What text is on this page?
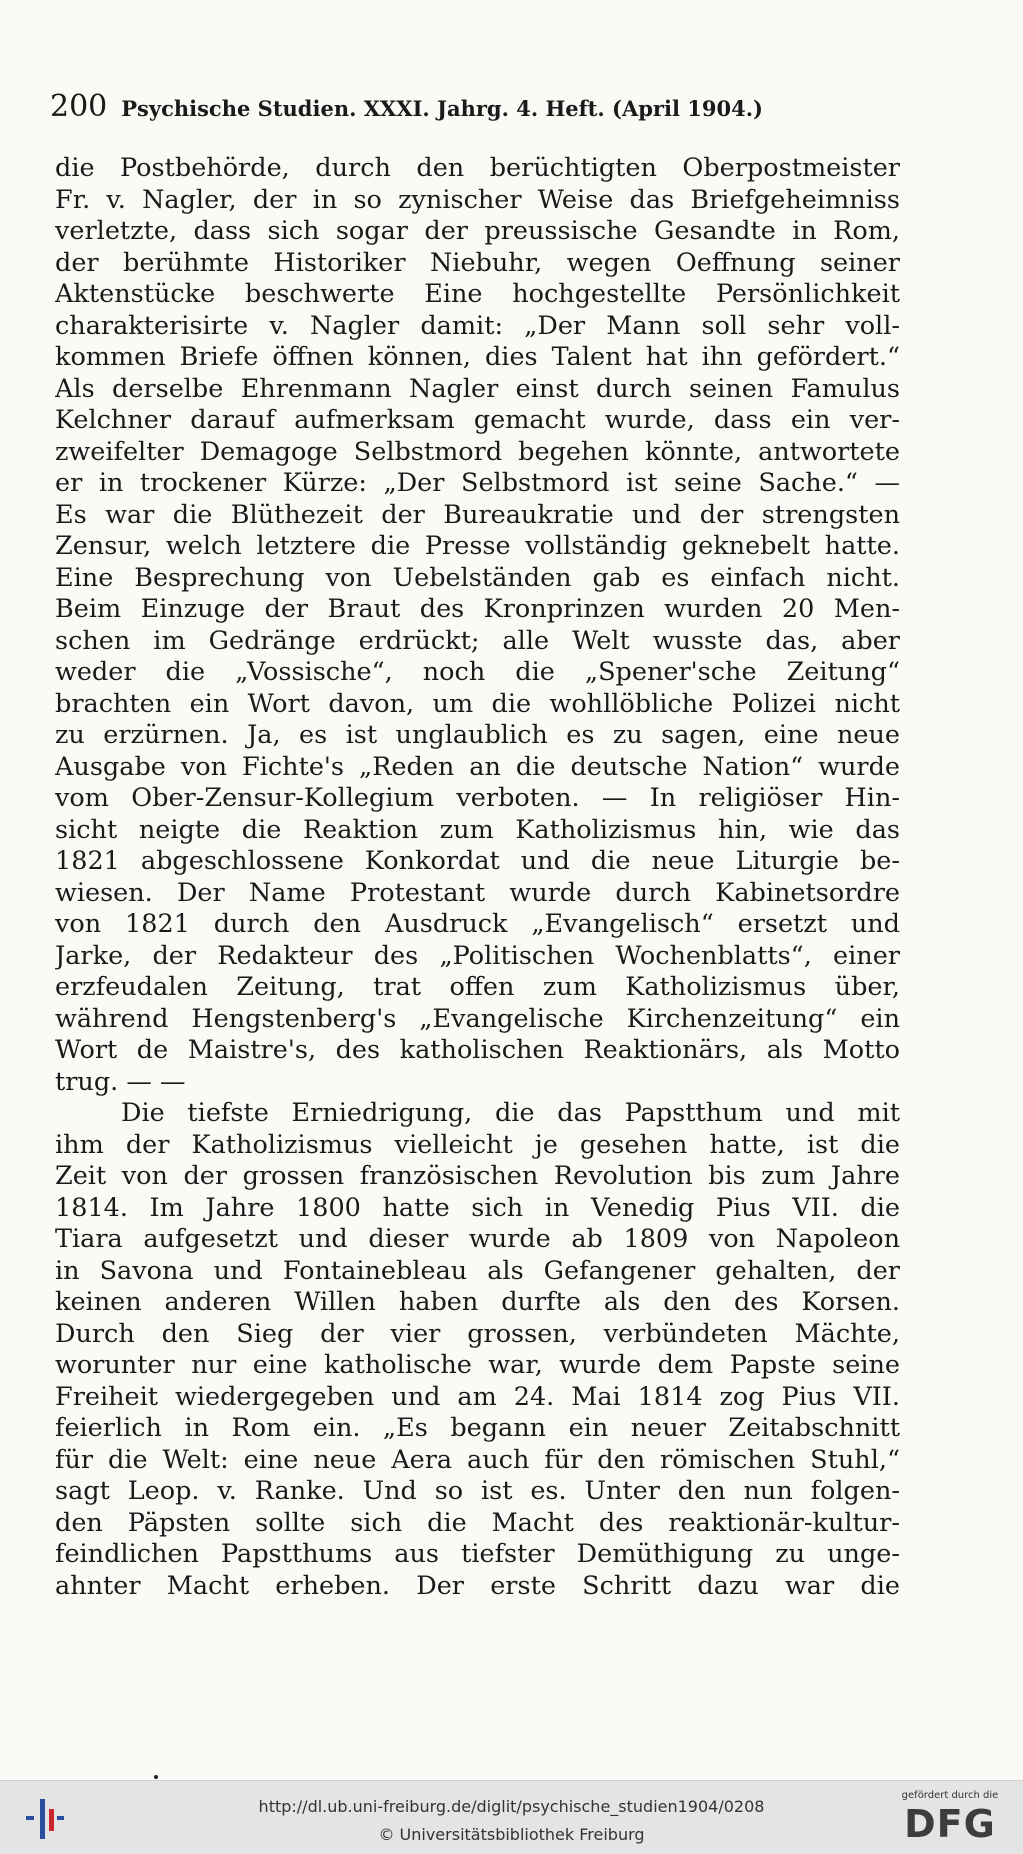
200 Psychische Studien. XXXI. Jahrg. 4. Heft. (April 1904.)
die Postbehörde, durch den berüchtigten Oberpostmeister
Fr. v. Nagler, der in so zynischer Weise das Briefgeheimniss
verletzte, dass sich sogar der preussische Gesandte in Rom,
der berühmte Historiker Niebuhr, wegen Oeffnung seiner
Aktenstücke beschwerte Eine hochgestellte Persönlichkeit
charakterisirte v. Nagler damit: „Der Mann soll sehr voll-
kommen Briefe öffnen können, dies Talent hat ihn gefördert.“
Als derselbe Ehrenmann Nagler einst durch seinen Famulus
Kelchner darauf aufmerksam gemacht wurde, dass ein ver-
zweifelter Demagoge Selbstmord begehen könnte, antwortete
er in trockener Kürze: „Der Selbstmord ist seine Sache.“ —
Es war die Blüthezeit der Bureaukratie und der strengsten
Zensur, welch letztere die Presse vollständig geknebelt hatte.
Eine Besprechung von Uebelständen gab es einfach nicht.
Beim Einzuge der Braut des Kronprinzen wurden 20 Men-
schen im Gedränge erdrückt; alle Welt wusste das, aber
weder die „Vossische“, noch die „Spener'sche Zeitung“
brachten ein Wort davon, um die wohllöbliche Polizei nicht
zu erzürnen. Ja, es ist unglaublich es zu sagen, eine neue
Ausgabe von Fichte's „Reden an die deutsche Nation“ wurde
vom Ober-Zensur-Kollegium verboten. — In religiöser Hin-
sicht neigte die Reaktion zum Katholizismus hin, wie das
1821 abgeschlossene Konkordat und die neue Liturgie be-
wiesen. Der Name Protestant wurde durch Kabinetsordre
von 1821 durch den Ausdruck „Evangelisch“ ersetzt und
Jarke, der Redakteur des „Politischen Wochenblatts“, einer
erzfeudalen Zeitung, trat offen zum Katholizismus über,
während Hengstenberg's „Evangelische Kirchenzeitung“ ein
Wort de Maistre's, des katholischen Reaktionärs, als Motto
trug. — —
Die tiefste Erniedrigung, die das Papstthum und mit
ihm der Katholizismus vielleicht je gesehen hatte, ist die
Zeit von der grossen französischen Revolution bis zum Jahre
1814. Im Jahre 1800 hatte sich in Venedig Pius VII. die
Tiara aufgesetzt und dieser wurde ab 1809 von Napoleon
in Savona und Fontainebleau als Gefangener gehalten, der
keinen anderen Willen haben durfte als den des Korsen.
Durch den Sieg der vier grossen, verbündeten Mächte,
worunter nur eine katholische war, wurde dem Papste seine
Freiheit wiedergegeben und am 24. Mai 1814 zog Pius VII.
feierlich in Rom ein. „Es begann ein neuer Zeitabschnitt
für die Welt: eine neue Aera auch für den römischen Stuhl,“
sagt Leop. v. Ranke. Und so ist es. Unter den nun folgen-
den Päpsten sollte sich die Macht des reaktionär-kultur-
feindlichen Papstthums aus tiefster Demüthigung zu unge-
ahnter Macht erheben. Der erste Schritt dazu war die
http://dl.ub.uni-freiburg.de/diglit/psychische_studien1904/0208
© Universitätsbibliothek Freiburg
gefördert durch die
DFG
